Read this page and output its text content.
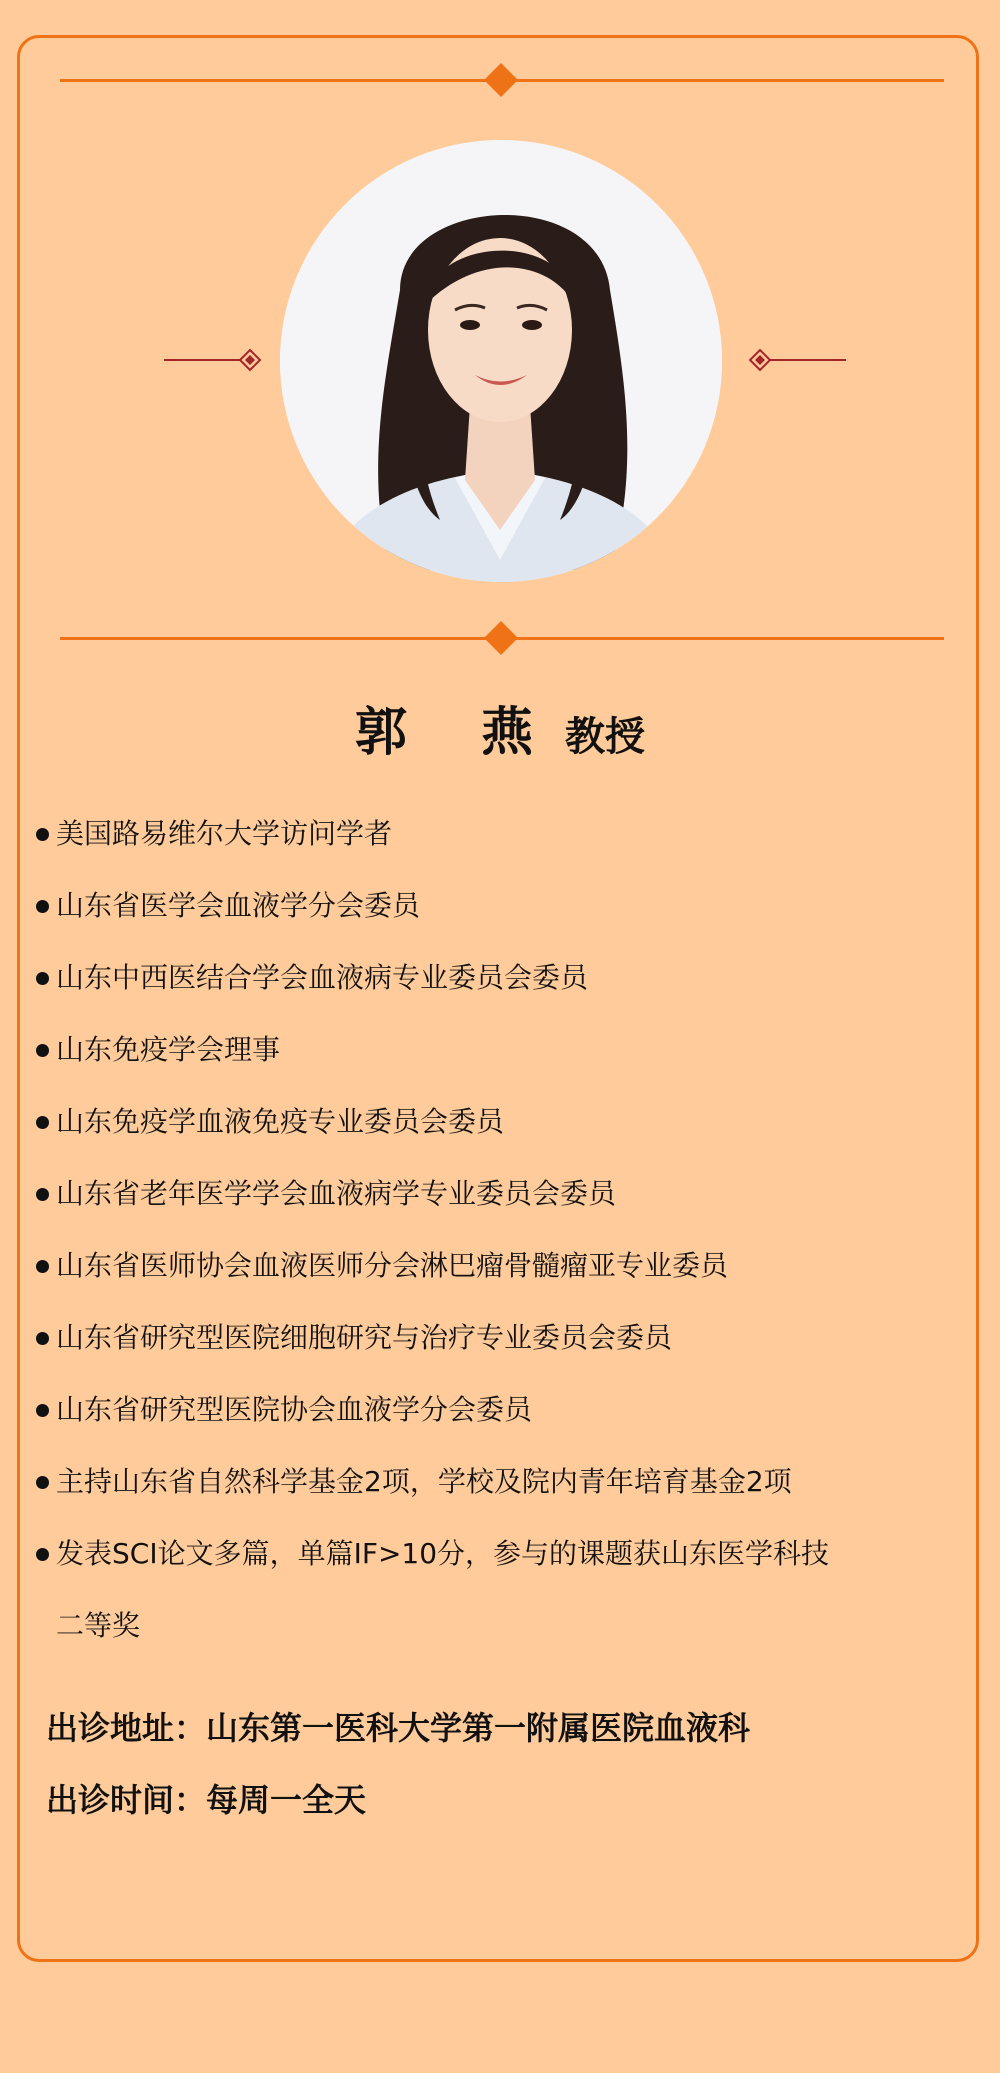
郭 燕 教授
美国路易维尔大学访问学者
山东省医学会血液学分会委员
山东中西医结合学会血液病专业委员会委员
山东免疫学会理事
山东免疫学血液免疫专业委员会委员
山东省老年医学学会血液病学专业委员会委员
山东省医师协会血液医师分会淋巴瘤骨髓瘤亚专业委员
山东省研究型医院细胞研究与治疗专业委员会委员
山东省研究型医院协会血液学分会委员
主持山东省自然科学基金2项，学校及院内青年培育基金2项
发表SCI论文多篇，单篇IF>10分，参与的课题获山东医学科技
二等奖
出诊地址：山东第一医科大学第一附属医院血液科
出诊时间：每周一全天
